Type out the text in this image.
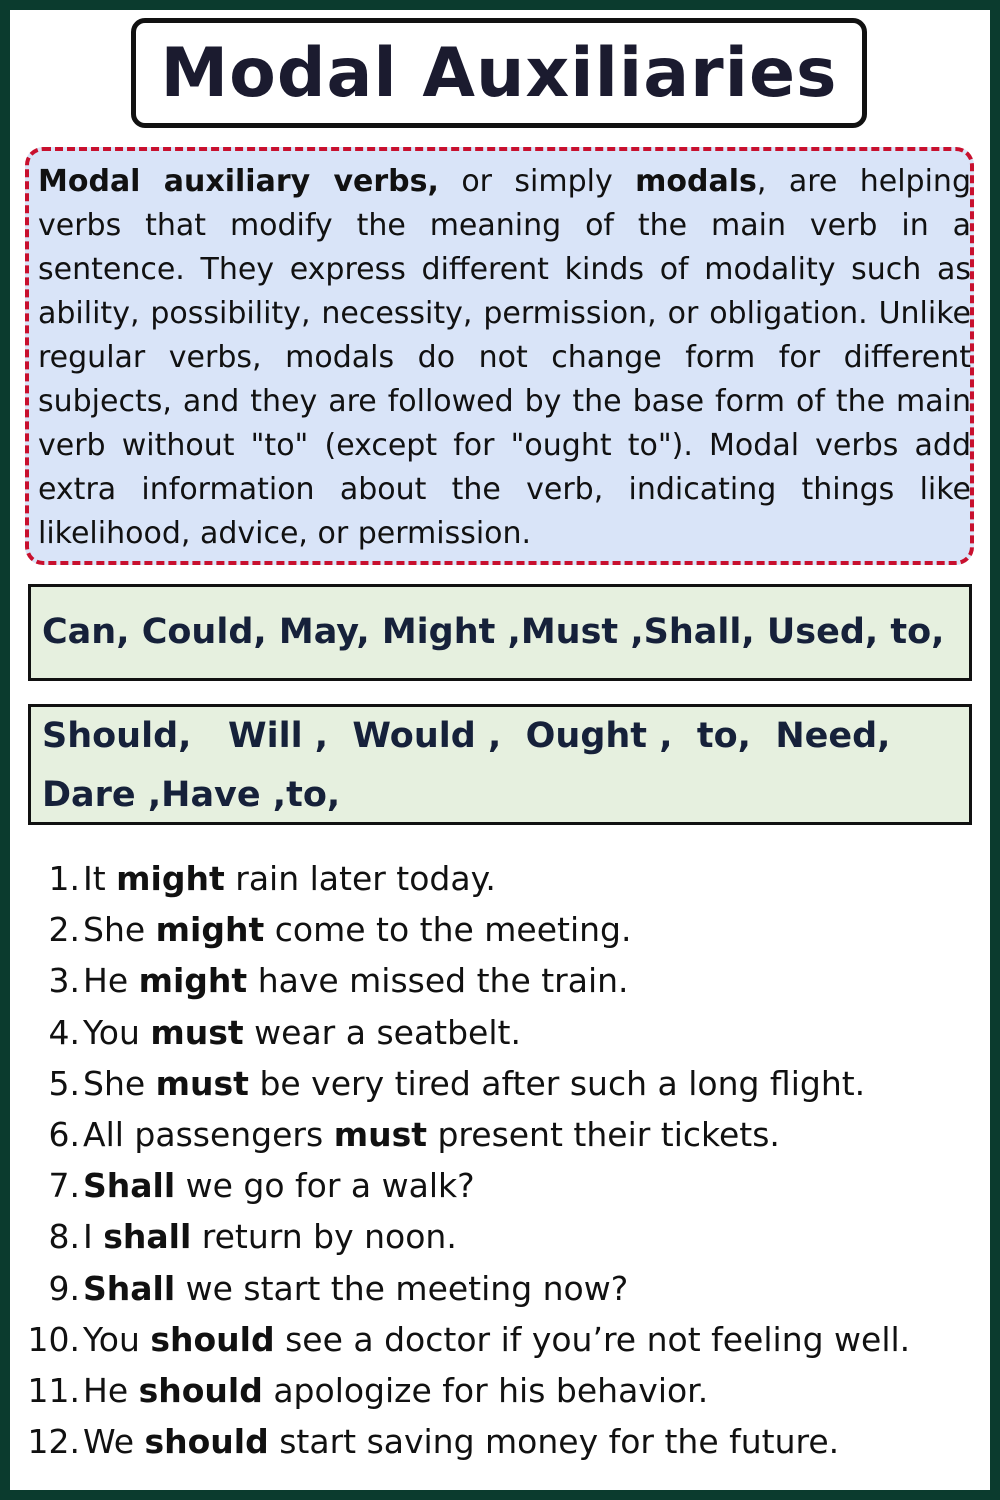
Modal Auxiliaries

Modal auxiliary verbs, or simply modals, are helping verbs that modify the meaning of the main verb in a sentence. They express different kinds of modality such as ability, possibility, necessity, permission, or obligation. Unlike regular verbs, modals do not change form for different subjects, and they are followed by the base form of the main verb without "to" (except for "ought to"). Modal verbs add extra information about the verb, indicating things like likelihood, advice, or permission.

Can, Could, May, Might ,Must ,Shall, Used, to,
Should,   Will ,  Would ,  Ought ,  to,  Need, Dare ,Have ,to,
1. It might rain later today.
2. She might come to the meeting.
3. He might have missed the train.
4. You must wear a seatbelt.
5. She must be very tired after such a long flight.
6. All passengers must present their tickets.
7. Shall we go for a walk?
8. I shall return by noon.
9. Shall we start the meeting now?
10. You should see a doctor if you’re not feeling well.
11. He should apologize for his behavior.
12. We should start saving money for the future.
